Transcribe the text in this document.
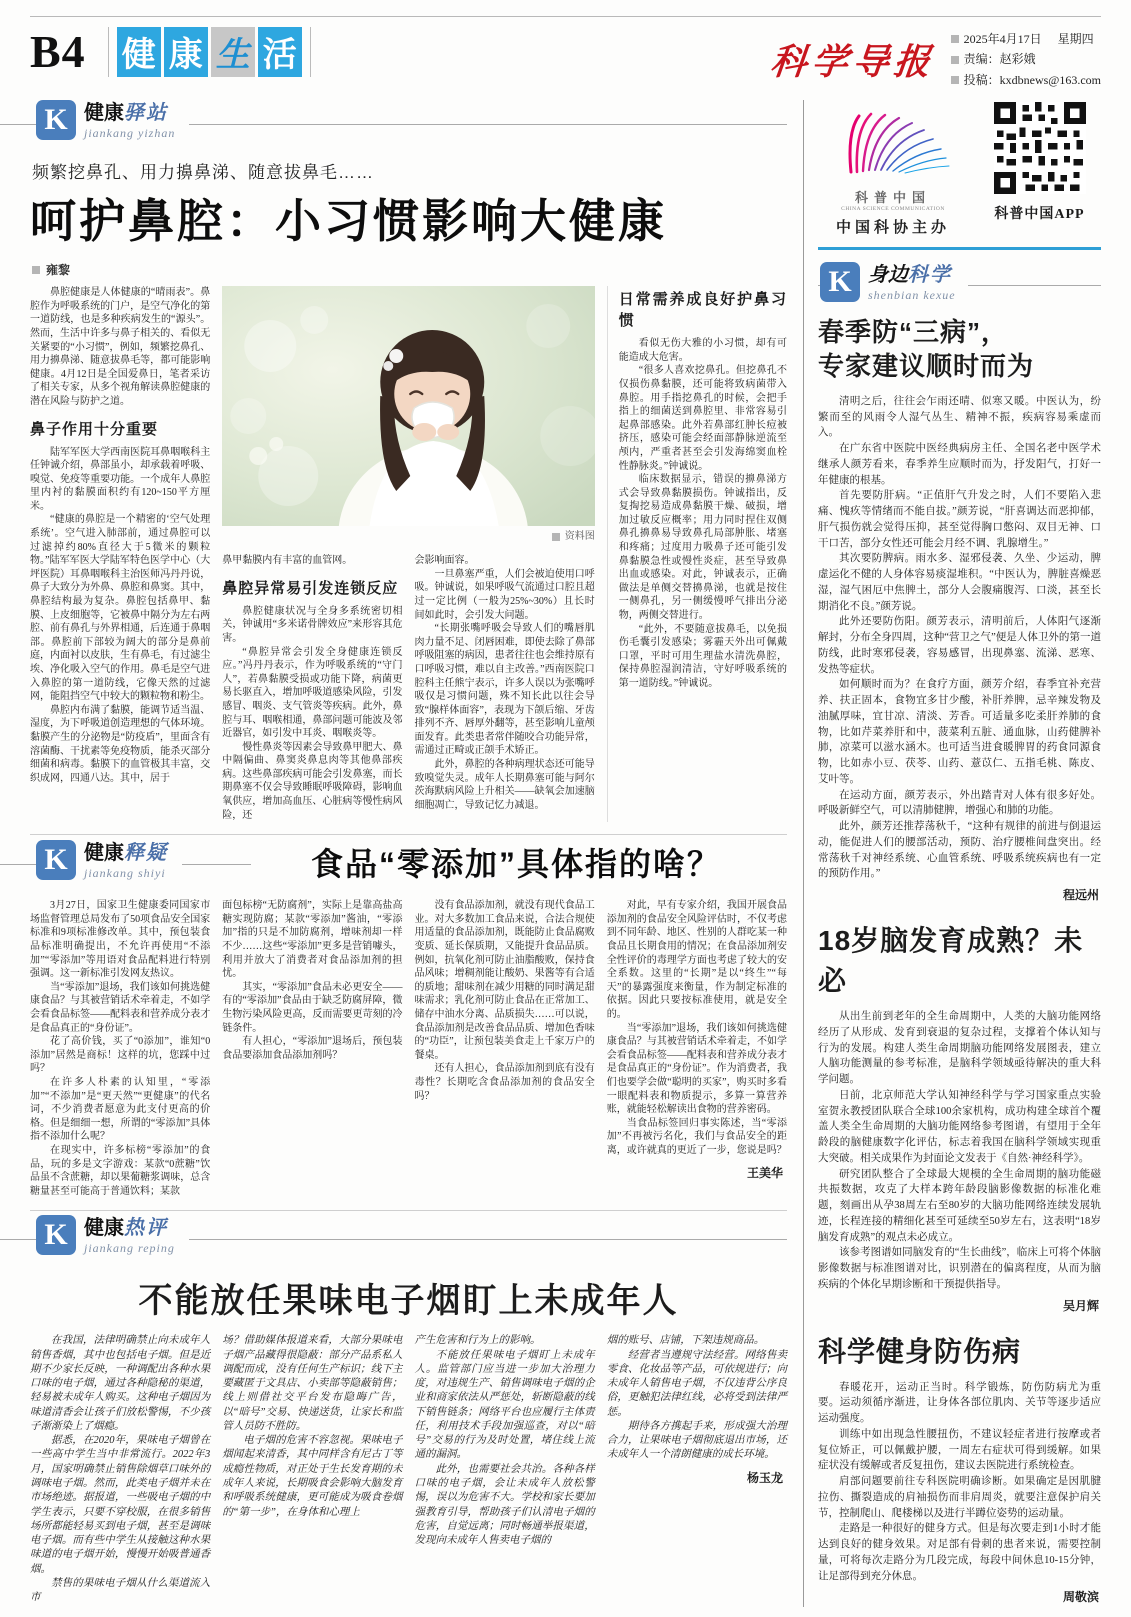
B4 健 康 生 活	科学导报
2025年4月17日
星期四
责编：赵彩娥
投稿：kxdbnews@163.com
K 健康驿站
jiankang yizhan
频繁挖鼻孔、用力擤鼻涕、随意拔鼻毛……
呵护鼻腔：小习惯影响大健康
雍黎

鼻腔健康是人体健康的“晴雨表”。鼻腔作为呼吸系统的门户，是空气净化的第一道防线，也是多种疾病发生的“源头”。然而，生活中许多与鼻子相关的、看似无关紧要的“小习惯”，例如，频繁挖鼻孔、用力擤鼻涕、随意拔鼻毛等，都可能影响健康。4月12日是全国爱鼻日，笔者采访了相关专家，从多个视角解读鼻腔健康的潜在风险与防护之道。

鼻子作用十分重要

陆军军医大学西南医院耳鼻咽喉科主任钟诚介绍，鼻部虽小，却承载着呼吸、嗅觉、免疫等重要功能。一个成年人鼻腔里内衬的黏膜面积约有120~150平方厘米。

“健康的鼻腔是一个精密的‘空气处理系统’。空气进入肺部前，通过鼻腔可以过滤掉约80%直径大于5微米的颗粒物。”陆军军医大学陆军特色医学中心（大坪医院）耳鼻咽喉科主治医师冯丹丹说，鼻子大致分为外鼻、鼻腔和鼻窦。其中，鼻腔结构最为复杂。鼻腔包括鼻甲、黏膜、上皮细胞等，它被鼻中隔分为左右两腔、前有鼻孔与外界相通，后连通于鼻咽部。鼻腔前下部较为阔大的部分是鼻前庭，内面衬以皮肤，生有鼻毛，有过滤尘埃、净化吸入空气的作用。鼻毛是空气进入鼻腔的第一道防线，它像天然的过滤网，能阻挡空气中较大的颗粒物和粉尘。

鼻腔内布满了黏膜，能调节适当温、湿度，为下呼吸道创造理想的气体环境。黏膜产生的分泌物是“防疫盾”，里面含有溶菌酶、干扰素等免疫物质，能杀灭部分细菌和病毒。黏膜下的血管极其丰富，交织成网，四通八达。其中，居于

资料图

鼻甲黏膜内有丰富的血管网。

鼻腔异常易引发连锁反应

鼻腔健康状况与全身多系统密切相关，钟诚用“多米诺骨牌效应”来形容其危害。

“鼻腔异常会引发全身健康连锁反应。”冯丹丹表示，作为呼吸系统的“守门人”，若鼻黏膜受损或功能下降，病菌更易长驱直入，增加呼吸道感染风险，引发感冒、咽炎、支气管炎等疾病。此外，鼻腔与耳、咽喉相通，鼻部问题可能波及邻近器官，如引发中耳炎、咽喉炎等。

慢性鼻炎等因素会导致鼻甲肥大、鼻中隔偏曲、鼻窦炎鼻息肉等其他鼻部疾病。这些鼻部疾病可能会引发鼻塞，而长期鼻塞不仅会导致睡眠呼吸障碍，影响血氧供应，增加高血压、心脏病等慢性病风险，还

会影响面容。

一旦鼻塞严重，人们会被迫使用口呼吸。钟诚说，如果呼吸气流通过口腔且超过一定比例（一般为25%~30%）且长时间如此时，会引发大问题。

“长期张嘴呼吸会导致人们的嘴唇肌肉力量不足、闭唇困难，即使去除了鼻部呼吸阻塞的病因，患者往往也会维持原有口呼吸习惯，难以自主改善。”西南医院口腔科主任熊宁表示，许多人误以为张嘴呼吸仅是习惯问题，殊不知长此以往会导致“腺样体面容”，表现为下颌后缩、牙齿排列不齐、唇厚外翻等，甚至影响儿童颅面发育。此类患者常伴随咬合功能异常，需通过正畸或正颌手术矫正。

此外，鼻腔的各种病理状态还可能导致嗅觉失灵。成年人长期鼻塞可能与阿尔茨海默病风险上升相关——缺氧会加速脑细胞凋亡，导致记忆力减退。

日常需养成良好护鼻习惯

看似无伤大雅的小习惯，却有可能造成大危害。

“很多人喜欢挖鼻孔。但挖鼻孔不仅损伤鼻黏膜，还可能将致病菌带入鼻腔。用手指挖鼻孔的时候，会把手指上的细菌送到鼻腔里、非常容易引起鼻部感染。此外若鼻部红肿长痘被挤压，感染可能会经面部静脉逆流至颅内，严重者甚至会引发海绵窦血栓性静脉炎。”钟诚说。

临床数据显示，错误的擤鼻涕方式会导致鼻黏膜损伤。钟诚指出，反复掏挖易造成鼻黏膜干燥、破损，增加过敏反应概率；用力同时捏住双侧鼻孔擤鼻易导致鼻孔局部肿胀、堵塞和疼痛；过度用力吸鼻子还可能引发鼻黏膜急性或慢性炎症，甚至导致鼻出血或感染。对此，钟诚表示，正确做法是单侧交替擤鼻涕，也就是按住一侧鼻孔，另一侧缓慢呼气排出分泌物，两侧交替进行。

“此外，不要随意拔鼻毛，以免损伤毛囊引发感染；雾霾天外出可佩戴口罩，平时可用生理盐水清洗鼻腔，保持鼻腔湿润清洁，守好呼吸系统的第一道防线。”钟诚说。

K 健康释疑
jiankang shiyi	食品“零添加”具体指的啥？

3月27日，国家卫生健康委同国家市场监督管理总局发布了50项食品安全国家标准和9项标准修改单。其中，预包装食品标准明确提出，不允许再使用“不添加”“零添加”等用语对食品配料进行特别强调。这一新标准引发网友热议。

当“零添加”退场，我们该如何挑选健康食品？与其被营销话术牵着走，不如学会看食品标签——配料表和营养成分表才是食品真正的“身份证”。

花了高价钱，买了“0添加”，谁知“0添加”居然是商标！这样的坑，您踩中过吗？

在许多人朴素的认知里，“零添加”“不添加”是“更天然”“更健康”的代名词，不少消费者愿意为此支付更高的价格。但是细细一想，所谓的“零添加”具体指不添加什么呢？

在现实中，许多标榜“零添加”的食品，玩的多是文字游戏：某款“0蔗糖”饮品虽不含蔗糖，却以果葡糖浆调味，总含糖量甚至可能高于普通饮料；某款

面包标榜“无防腐剂”，实际上是靠高盐高糖实现防腐；某款“零添加”酱油，“零添加”指的只是不加防腐剂，增味剂却一样不少……这些“零添加”更多是营销噱头，利用并放大了消费者对食品添加剂的担忧。

其实，“零添加”食品未必更安全——有的“零添加”食品由于缺乏防腐屏障，微生物污染风险更高，反而需要更苛刻的冷链条件。

有人担心，“零添加”退场后，预包装食品要添加食品添加剂吗？

没有食品添加剂，就没有现代食品工业。对大多数加工食品来说，合法合规使用适量的食品添加剂，既能防止食品腐败变质、延长保质期，又能提升食品品质。例如，抗氧化剂可防止油脂酸败，保持食品风味；增稠剂能让酸奶、果酱等有合适的质地；甜味剂在减少用糖的同时满足甜味需求；乳化剂可防止食品在正常加工、储存中油水分离、品质损失……可以说，食品添加剂是改善食品品质、增加色香味的“功臣”，让预包装美食走上千家万户的餐桌。

还有人担心，食品添加剂到底有没有毒性？长期吃含食品添加剂的食品安全吗？

对此，早有专家介绍，我国开展食品添加剂的食品安全风险评估时，不仅考虑到不同年龄、地区、性别的人群吃某一种食品且长期食用的情况；在食品添加剂安全性评价的毒理学方面也考虑了较大的安全系数。这里的“长期”是以“终生”“每天”的暴露强度来衡量，作为制定标准的依据。因此只要按标准使用，就是安全的。

当“零添加”退场，我们该如何挑选健康食品？与其被营销话术牵着走，不如学会看食品标签——配料表和营养成分表才是食品真正的“身份证”。作为消费者，我们也要学会做“聪明的买家”，购买时多看一眼配料表和物质提示，多算一算营养账，就能轻松解读出食物的营养密码。

当食品标签回归事实陈述，当“零添加”不再被污名化，我们与食品安全的距离，或许就真的更近了一步，您说是吗？

王美华
K 健康热评
jiankang reping
不能放任果味电子烟盯上未成年人

在我国，法律明确禁止向未成年人销售香烟，其中也包括电子烟。但是近期不少家长反映，一种调配出各种水果口味的电子烟，通过各种隐秘的渠道，轻易被未成年人购买。这种电子烟因为味道清香会让孩子们放松警惕，不少孩子渐渐染上了烟瘾。

据悉，在2020年，果味电子烟曾在一些高中学生当中非常流行。2022年3月，国家明确禁止销售除烟草口味外的调味电子烟。然而，此类电子烟并未在市场绝迹。据报道，一些吸电子烟的中学生表示，只要不穿校服，在很多销售场所都能轻易买到电子烟，甚至是调味电子烟。而有些中学生从接触这种水果味道的电子烟开始，慢慢开始吸普通香烟。

禁售的果味电子烟从什么渠道流入市

场？借助媒体报道来看，大部分果味电子烟产品藏得很隐蔽：部分产品系私人调配而成，没有任何生产标识；线下主要藏匿于文具店、小卖部等隐蔽销售；线上则借社交平台发布隐晦广告，以“暗号”交易、快递送货，让家长和监管人员防不胜防。

电子烟的危害不容忽视。果味电子烟闻起来清香，其中同样含有尼古丁等成瘾性物质，对正处于生长发育期的未成年人来说，长期吸食会影响大脑发育和呼吸系统健康，更可能成为吸食卷烟的“第一步”，在身体和心理上

产生危害和行为上的影响。

不能放任果味电子烟盯上未成年人。监管部门应当进一步加大治理力度，对违规生产、销售调味电子烟的企业和商家依法从严惩处，斩断隐蔽的线下销售链条；网络平台也应履行主体责任，利用技术手段加强巡查，对以“暗号”交易的行为及时处置，堵住线上流通的漏洞。

此外，也需要社会共治。各种各样口味的电子烟，会让未成年人放松警惕，误以为危害不大。学校和家长要加强教育引导，帮助孩子们认清电子烟的危害，自觉远离；同时畅通举报渠道，发现向未成年人售卖电子烟的

烟的账号、店铺，下架违规商品。

经营者当遵规守法经营。网络售卖零食、化妆品等产品，可依规进行；向未成年人销售电子烟，不仅违背公序良俗，更触犯法律红线，必将受到法律严惩。

期待各方携起手来，形成强大治理合力，让果味电子烟彻底退出市场，还未成年人一个清朗健康的成长环境。

杨玉龙
科普中国
CHINA SCIENCE COMMUNICATION
中国科协主办
科普中国APP
K 身边科学
shenbian kexue
春季防“三病”，
专家建议顺时而为

清明之后，往往会乍雨还晴、似寒又暖。中医认为，纷繁而至的风雨令人湿气丛生、精神不振，疾病容易乘虚而入。

在广东省中医院中医经典病房主任、全国名老中医学术继承人颜芳看来，春季养生应顺时而为，抒发阳气，打好一年健康的根基。

首先要防肝病。“正值肝气升发之时，人们不要陷入悲痛、愧疚等情绪而不能自拔。”颜芳说，“肝喜调达而恶抑郁，肝气损伤就会觉得压抑，甚至觉得胸口憋闷、双目无神、口干口苦，部分女性还可能会月经不调、乳腺增生。”

其次要防脾病。雨水多、湿邪侵袭、久坐、少运动，脾虚运化不健的人身体容易痰湿堆积。“中医认为，脾脏喜燥恶湿，湿气困厄中焦脾土，部分人会腹痛腹泻、口淡，甚至长期消化不良。”颜芳说。

此外还要防伤阳。颜芳表示，清明前后，人体阳气逐渐解封，分布全身四周，这种“营卫之气”便是人体卫外的第一道防线，此时寒邪侵袭，容易感冒，出现鼻塞、流涕、恶寒、发热等症状。

如何顺时而为？在食疗方面，颜芳介绍，春季宜补充营养、扶正固本，食物宜多甘少酸，补肝养脾，忌辛辣发物及油腻厚味，宜甘凉、清淡、芳香。可适量多吃柔肝养肺的食物，比如芹菜养肝和中，菠菜利五脏、通血脉，山药健脾补肺，凉菜可以滋水涵木。也可适当进食暖脾胃的药食同源食物，比如赤小豆、茯苓、山药、薏苡仁、五指毛桃、陈皮、艾叶等。

在运动方面，颜芳表示，外出踏青对人体有很多好处。呼吸新鲜空气，可以清肺健脾，增强心和肺的功能。

此外，颜芳还推荐荡秋千，“这种有规律的前进与倒退运动，能促进人们的腰部活动，预防、治疗腰椎间盘突出。经常荡秋千对神经系统、心血管系统、呼吸系统疾病也有一定的预防作用。”

程远州
18岁脑发育成熟？未必

从出生前到老年的全生命周期中，人类的大脑功能网络经历了从形成、发育到衰退的复杂过程，支撑着个体认知与行为的发展。构建人类生命周期脑功能网络发展图表，建立人脑功能测量的参考标准，是脑科学领域亟待解决的重大科学问题。

日前，北京师范大学认知神经科学与学习国家重点实验室贺永教授团队联合全球100余家机构，成功构建全球首个覆盖人类全生命周期的大脑功能网络参考图谱，有望用于全年龄段的脑健康数字化评估，标志着我国在脑科学领域实现重大突破。相关成果作为封面论文发表于《自然·神经科学》。

研究团队整合了全球最大规模的全生命周期的脑功能磁共振数据，攻克了大样本跨年龄段脑影像数据的标准化难题，刻画出从孕38周左右至80岁的大脑功能网络连续发展轨迹，长程连接的精细化甚至可延续至50岁左右，这表明“18岁脑发育成熟”的观点未必成立。

该参考图谱如同脑发育的“生长曲线”，临床上可将个体脑影像数据与标准图谱对比，识别潜在的偏离程度，从而为脑疾病的个体化早期诊断和干预提供指导。

吴月辉
科学健身防伤病

春暖花开，运动正当时。科学锻炼，防伤防病尤为重要。运动须循序渐进，让身体各部位肌肉、关节等逐步适应运动强度。

训练中如出现急性腰扭伤，不建议轻症者进行按摩或者复位矫正，可以佩戴护腰，一周左右症状可得到缓解。如果症状没有缓解或者反复扭伤，建议去医院进行系统检查。

肩部问题要前往专科医院明确诊断。如果确定是因肌腱拉伤、撕裂造成的肩袖损伤而非肩周炎，就要注意保护肩关节，控制爬山、爬楼梯以及进行半蹲位姿势的运动量。

走路是一种很好的健身方式。但是每次要走到1小时才能达到良好的健身效果。对足部有骨刺的患者来说，需要控制量，可将每次走路分为几段完成，每段中间休息10-15分钟，让足部得到充分休息。

周敬滨
